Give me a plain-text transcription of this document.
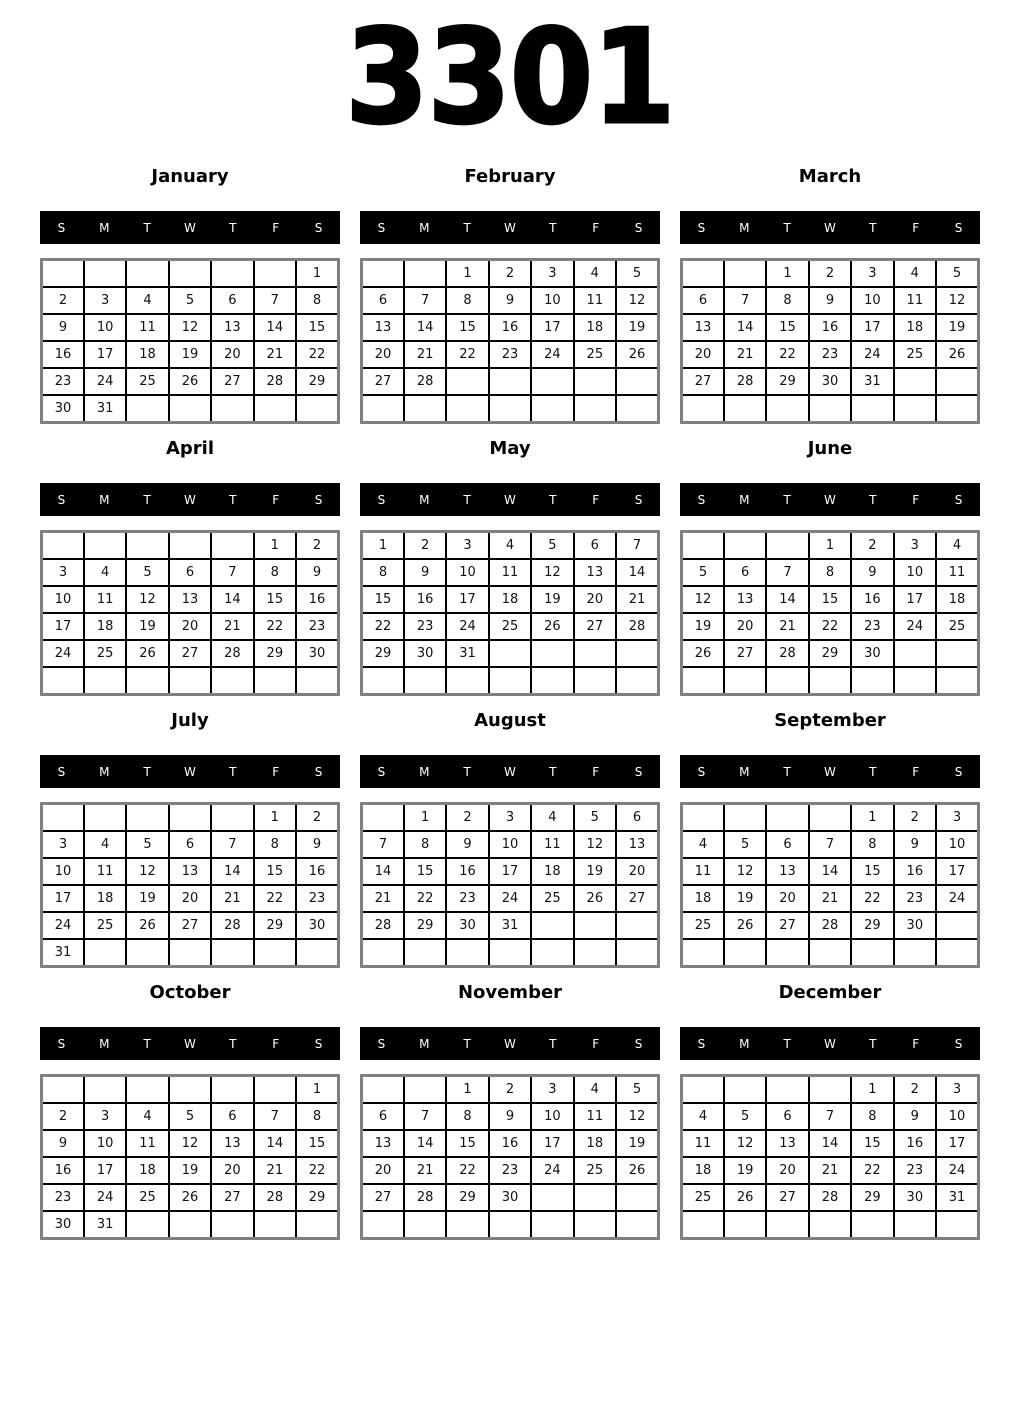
3301
January
S	M	T	W	T	F	S
						1
2	3	4	5	6	7	8
9	10	11	12	13	14	15
16	17	18	19	20	21	22
23	24	25	26	27	28	29
30	31					
February
S	M	T	W	T	F	S
		1	2	3	4	5
6	7	8	9	10	11	12
13	14	15	16	17	18	19
20	21	22	23	24	25	26
27	28					

March
S	M	T	W	T	F	S
		1	2	3	4	5
6	7	8	9	10	11	12
13	14	15	16	17	18	19
20	21	22	23	24	25	26
27	28	29	30	31		

April
S	M	T	W	T	F	S
					1	2
3	4	5	6	7	8	9
10	11	12	13	14	15	16
17	18	19	20	21	22	23
24	25	26	27	28	29	30

May
S	M	T	W	T	F	S
1	2	3	4	5	6	7
8	9	10	11	12	13	14
15	16	17	18	19	20	21
22	23	24	25	26	27	28
29	30	31				

June
S	M	T	W	T	F	S
			1	2	3	4
5	6	7	8	9	10	11
12	13	14	15	16	17	18
19	20	21	22	23	24	25
26	27	28	29	30		

July
S	M	T	W	T	F	S
					1	2
3	4	5	6	7	8	9
10	11	12	13	14	15	16
17	18	19	20	21	22	23
24	25	26	27	28	29	30
31						
August
S	M	T	W	T	F	S
	1	2	3	4	5	6
7	8	9	10	11	12	13
14	15	16	17	18	19	20
21	22	23	24	25	26	27
28	29	30	31			

September
S	M	T	W	T	F	S
				1	2	3
4	5	6	7	8	9	10
11	12	13	14	15	16	17
18	19	20	21	22	23	24
25	26	27	28	29	30	

October
S	M	T	W	T	F	S
						1
2	3	4	5	6	7	8
9	10	11	12	13	14	15
16	17	18	19	20	21	22
23	24	25	26	27	28	29
30	31					
November
S	M	T	W	T	F	S
		1	2	3	4	5
6	7	8	9	10	11	12
13	14	15	16	17	18	19
20	21	22	23	24	25	26
27	28	29	30			

December
S	M	T	W	T	F	S
				1	2	3
4	5	6	7	8	9	10
11	12	13	14	15	16	17
18	19	20	21	22	23	24
25	26	27	28	29	30	31
